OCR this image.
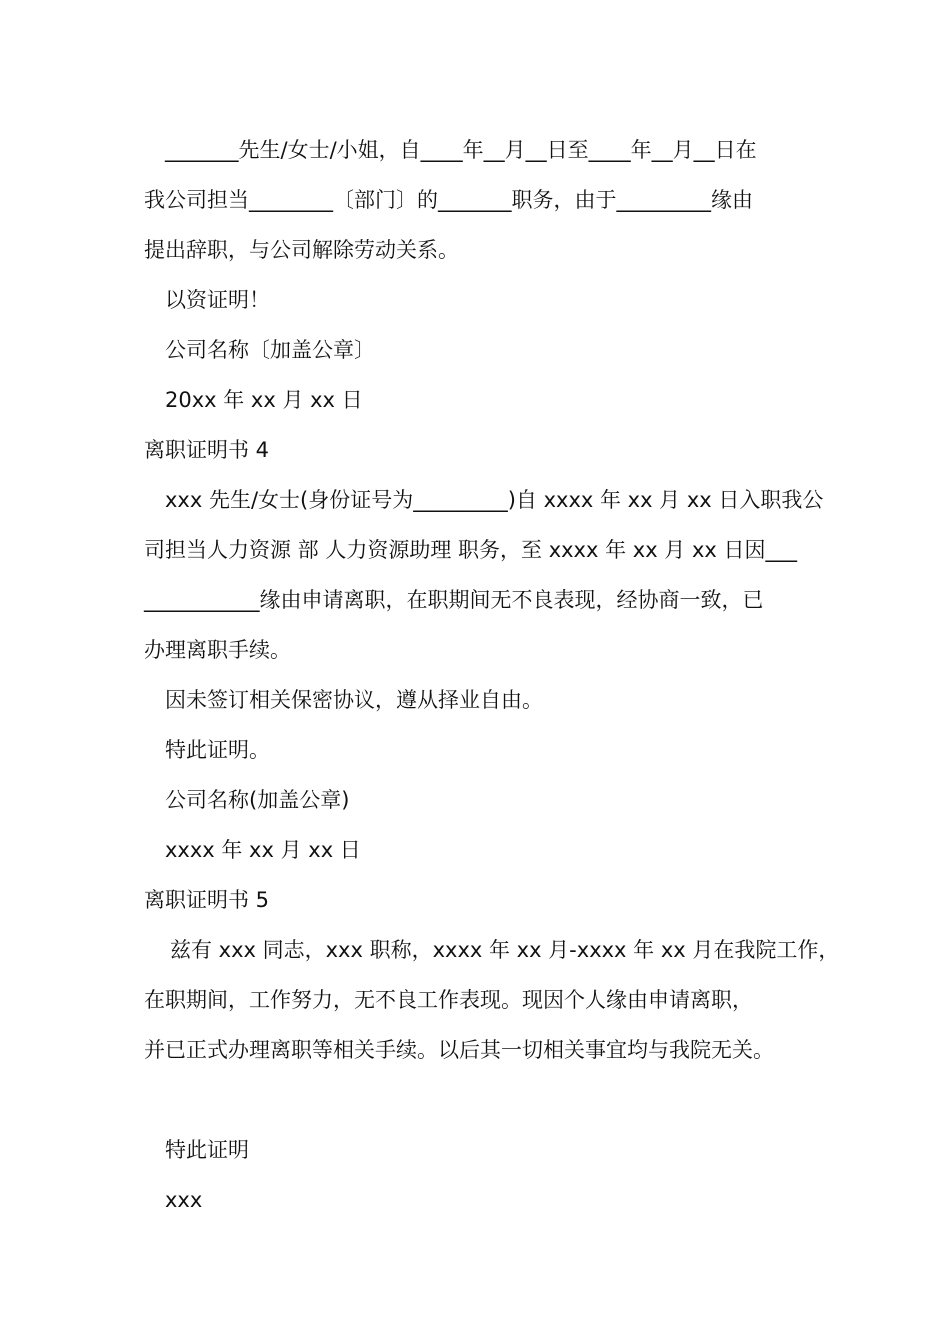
_______先生/女士/小姐，自____年__月__日至____年__月__日在
我公司担当________〔部门〕的_______职务，由于_________缘由
提出辞职，与公司解除劳动关系。
以资证明！
公司名称〔加盖公章〕
20xx 年 xx 月 xx 日
离职证明书 4
xxx 先生/女士(身份证号为_________)自 xxxx 年 xx 月 xx 日入职我公
司担当人力资源 部 人力资源助理 职务，至 xxxx 年 xx 月 xx 日因___
___________缘由申请离职，在职期间无不良表现，经协商一致，已
办理离职手续。
因未签订相关保密协议，遵从择业自由。
特此证明。
公司名称(加盖公章)
xxxx 年 xx 月 xx 日
离职证明书 5
兹有 xxx 同志，xxx 职称，xxxx 年 xx 月-xxxx 年 xx 月在我院工作，
在职期间，工作努力，无不良工作表现。现因个人缘由申请离职，
并已正式办理离职等相关手续。以后其一切相关事宜均与我院无关。
特此证明
xxx
